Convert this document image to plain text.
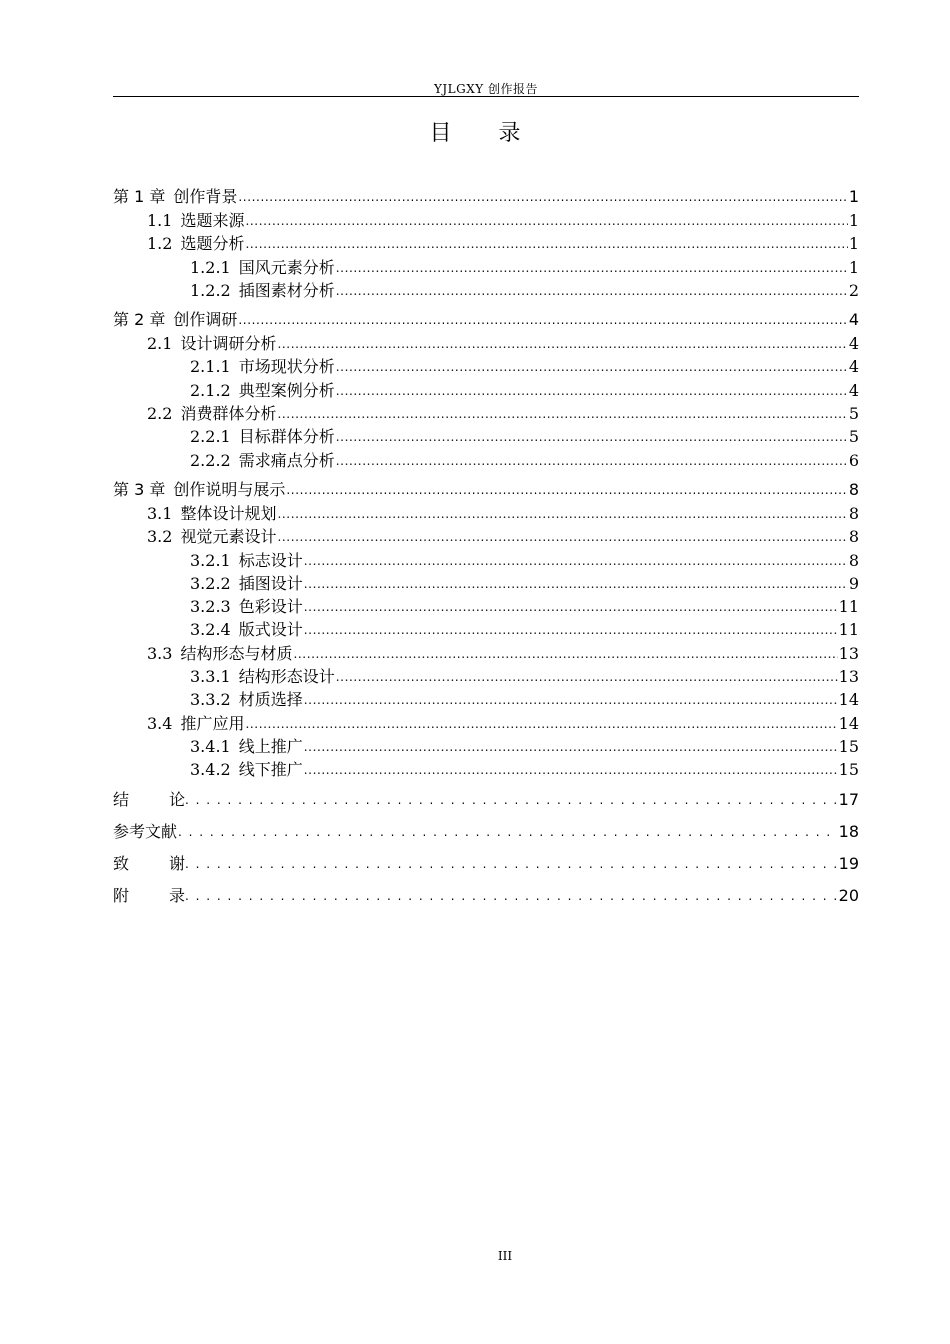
YJLGXY 创作报告
目 录
第 1 章 创作背景 .....	1
1.1 选题来源 .....	1
1.2 选题分析 .....	1
1.2.1 国风元素分析 .....	1
1.2.2 插图素材分析 .....	2
第 2 章 创作调研 .....	4
2.1 设计调研分析 .....	4
2.1.1 市场现状分析 .....	4
2.1.2 典型案例分析 .....	4
2.2 消费群体分析 .....	5
2.2.1 目标群体分析 .....	5
2.2.2 需求痛点分析 .....	6
第 3 章 创作说明与展示 .....	8
3.1 整体设计规划 .....	8
3.2 视觉元素设计 .....	8
3.2.1 标志设计 .....	8
3.2.2 插图设计 .....	9
3.2.3 色彩设计 .....	11
3.2.4 版式设计 .....	11
3.3 结构形态与材质 .....	13
3.3.1 结构形态设计 .....	13
3.3.2 材质选择 .....	14
3.4 推广应用 .....	14
3.4.1 线上推广 .....	15
3.4.2 线下推广 .....	15
结论 . . .	17
参考文献 . . .	18
致谢 . . .	19
附录 . . .	20
III
